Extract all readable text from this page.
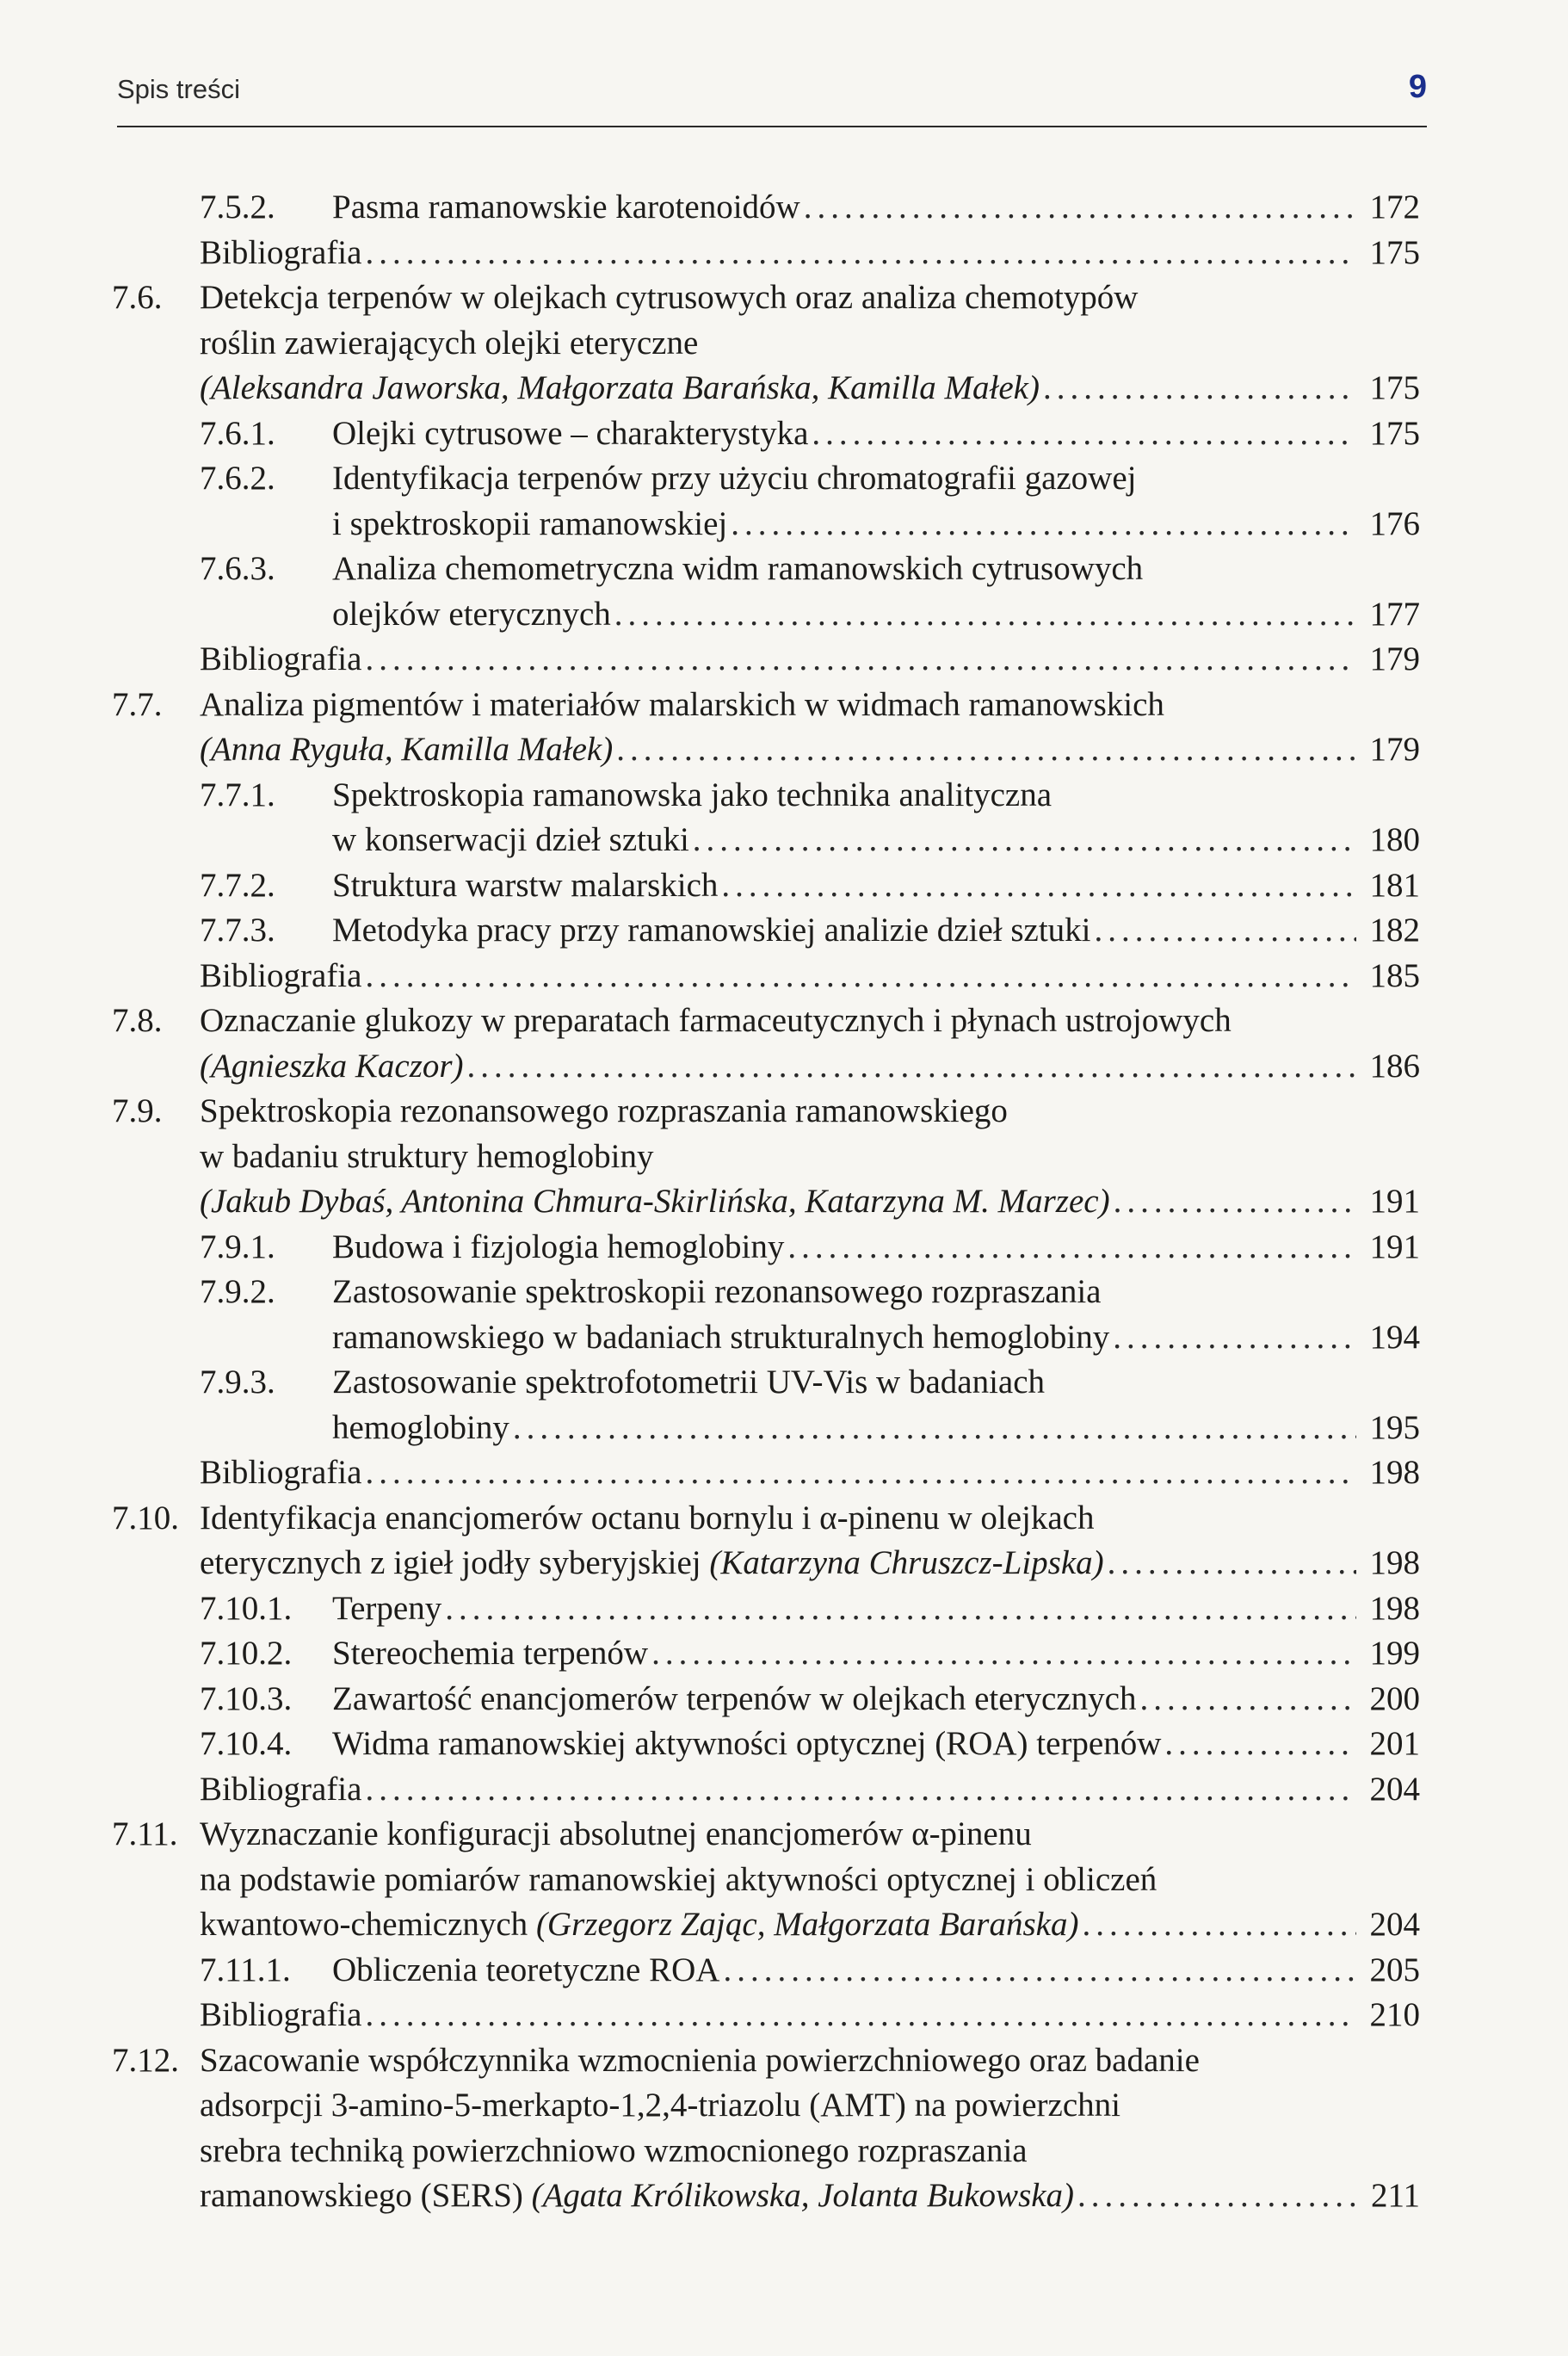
Spis treści	9
7.5.2. Pasma ramanowskie karotenoidów .....	172
Bibliografia .....	175
7.6. Detekcja terpenów w olejkach cytrusowych oraz analiza chemotypów
roślin zawierających olejki eteryczne
(Aleksandra Jaworska, Małgorzata Barańska, Kamilla Małek) .....	175
7.6.1. Olejki cytrusowe – charakterystyka .....	175
7.6.2. Identyfikacja terpenów przy użyciu chromatografii gazowej
i spektroskopii ramanowskiej .....	176
7.6.3. Analiza chemometryczna widm ramanowskich cytrusowych
olejków eterycznych .....	177
Bibliografia .....	179
7.7. Analiza pigmentów i materiałów malarskich w widmach ramanowskich
(Anna Ryguła, Kamilla Małek) .....	179
7.7.1. Spektroskopia ramanowska jako technika analityczna
w konserwacji dzieł sztuki .....	180
7.7.2. Struktura warstw malarskich .....	181
7.7.3. Metodyka pracy przy ramanowskiej analizie dzieł sztuki .....	182
Bibliografia .....	185
7.8. Oznaczanie glukozy w preparatach farmaceutycznych i płynach ustrojowych
(Agnieszka Kaczor) .....	186
7.9. Spektroskopia rezonansowego rozpraszania ramanowskiego
w badaniu struktury hemoglobiny
(Jakub Dybaś, Antonina Chmura-Skirlińska, Katarzyna M. Marzec) .....	191
7.9.1. Budowa i fizjologia hemoglobiny .....	191
7.9.2. Zastosowanie spektroskopii rezonansowego rozpraszania
ramanowskiego w badaniach strukturalnych hemoglobiny .....	194
7.9.3. Zastosowanie spektrofotometrii UV-Vis w badaniach
hemoglobiny .....	195
Bibliografia .....	198
7.10. Identyfikacja enancjomerów octanu bornylu i α-pinenu w olejkach
eterycznych z igieł jodły syberyjskiej (Katarzyna Chruszcz-Lipska) .....	198
7.10.1. Terpeny .....	198
7.10.2. Stereochemia terpenów .....	199
7.10.3. Zawartość enancjomerów terpenów w olejkach eterycznych .....	200
7.10.4. Widma ramanowskiej aktywności optycznej (ROA) terpenów .....	201
Bibliografia .....	204
7.11. Wyznaczanie konfiguracji absolutnej enancjomerów α-pinenu
na podstawie pomiarów ramanowskiej aktywności optycznej i obliczeń
kwantowo-chemicznych (Grzegorz Zając, Małgorzata Barańska) .....	204
7.11.1. Obliczenia teoretyczne ROA .....	205
Bibliografia .....	210
7.12. Szacowanie współczynnika wzmocnienia powierzchniowego oraz badanie
adsorpcji 3-amino-5-merkapto-1,2,4-triazolu (AMT) na powierzchni
srebra techniką powierzchniowo wzmocnionego rozpraszania
ramanowskiego (SERS) (Agata Królikowska, Jolanta Bukowska) .....	211
